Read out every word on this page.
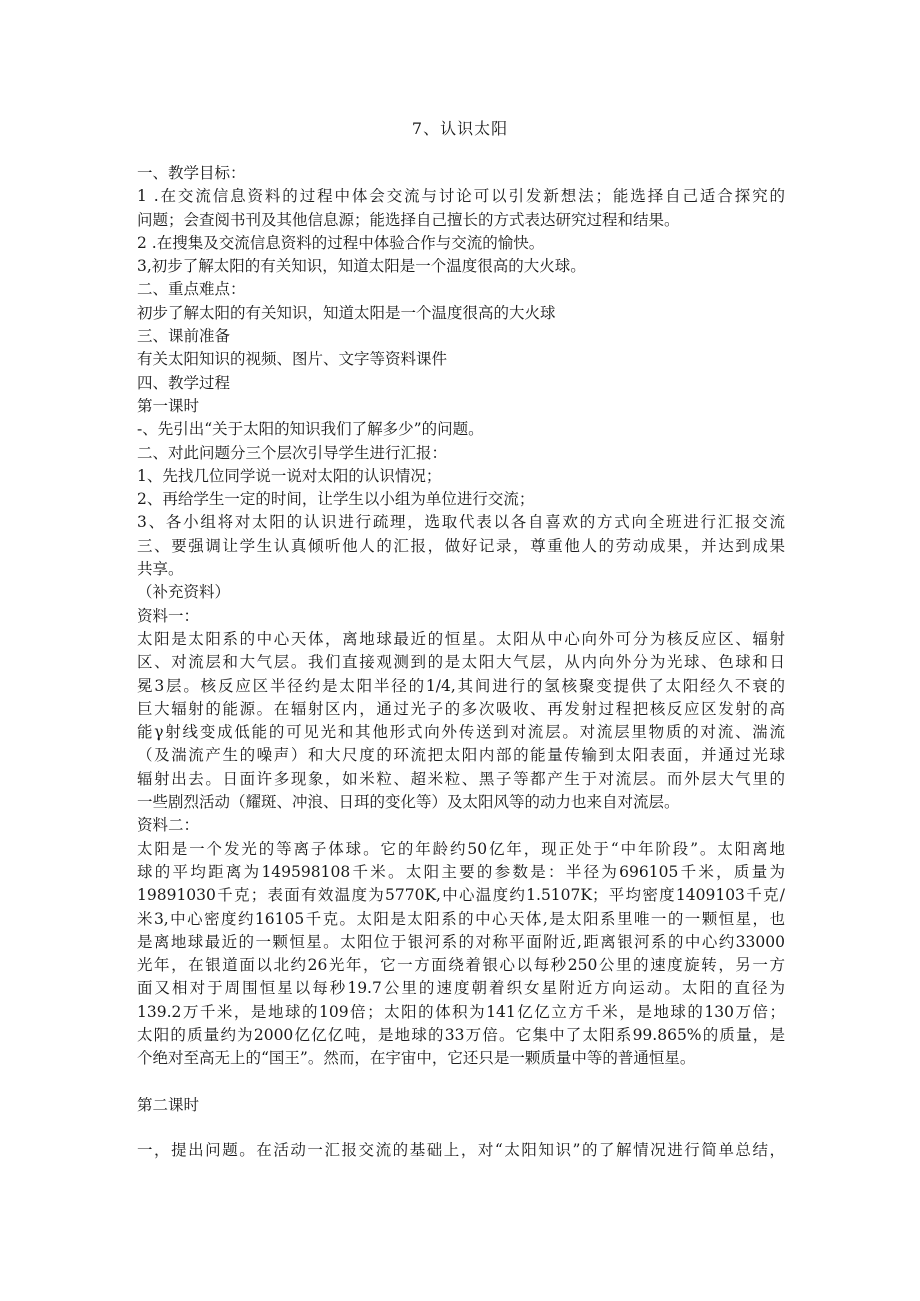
7、认识太阳
一、教学目标：
1 .在交流信息资料的过程中体会交流与讨论可以引发新想法；能选择自己适合探究的
问题；会查阅书刊及其他信息源；能选择自己擅长的方式表达研究过程和结果。
2 .在搜集及交流信息资料的过程中体验合作与交流的愉快。
3,初步了解太阳的有关知识，知道太阳是一个温度很高的大火球。
二、重点难点：
初步了解太阳的有关知识，知道太阳是一个温度很高的大火球
三、课前准备
有关太阳知识的视频、图片、文字等资料课件
四、教学过程
第一课时
-、先引出“关于太阳的知识我们了解多少”的问题。
二、对此问题分三个层次引导学生进行汇报：
1、先找几位同学说一说对太阳的认识情况；
2、再给学生一定的时间，让学生以小组为单位进行交流；
3、各小组将对太阳的认识进行疏理，选取代表以各自喜欢的方式向全班进行汇报交流
三、要强调让学生认真倾听他人的汇报，做好记录，尊重他人的劳动成果，并达到成果
共享。
（补充资料）
资料一：
太阳是太阳系的中心天体，离地球最近的恒星。太阳从中心向外可分为核反应区、辐射
区、对流层和大气层。我们直接观测到的是太阳大气层，从内向外分为光球、色球和日
冕3层。核反应区半径约是太阳半径的1/4,其间进行的氢核聚变提供了太阳经久不衰的
巨大辐射的能源。在辐射区内，通过光子的多次吸收、再发射过程把核反应区发射的高
能γ射线变成低能的可见光和其他形式向外传送到对流层。对流层里物质的对流、湍流
（及湍流产生的噪声）和大尺度的环流把太阳内部的能量传输到太阳表面，并通过光球
辐射出去。日面许多现象，如米粒、超米粒、黑子等都产生于对流层。而外层大气里的
一些剧烈活动（耀斑、冲浪、日珥的变化等）及太阳风等的动力也来自对流层。
资料二：
太阳是一个发光的等离子体球。它的年龄约50亿年，现正处于“中年阶段”。太阳离地
球的平均距离为149598108千米。太阳主要的参数是：半径为696105千米，质量为
19891030千克；表面有效温度为5770K,中心温度约1.5107K；平均密度1409103千克/
米3,中心密度约16105千克。太阳是太阳系的中心天体,是太阳系里唯一的一颗恒星，也
是离地球最近的一颗恒星。太阳位于银河系的对称平面附近,距离银河系的中心约33000
光年，在银道面以北约26光年，它一方面绕着银心以每秒250公里的速度旋转，另一方
面又相对于周围恒星以每秒19.7公里的速度朝着织女星附近方向运动。太阳的直径为
139.2万千米，是地球的109倍；太阳的体积为141亿亿立方千米，是地球的130万倍；
太阳的质量约为2000亿亿亿吨，是地球的33万倍。它集中了太阳系99.865%的质量，是
个绝对至高无上的“国王”。然而，在宇宙中，它还只是一颗质量中等的普通恒星。
第二课时
一，提出问题。在活动一汇报交流的基础上，对“太阳知识”的了解情况进行简单总结，
